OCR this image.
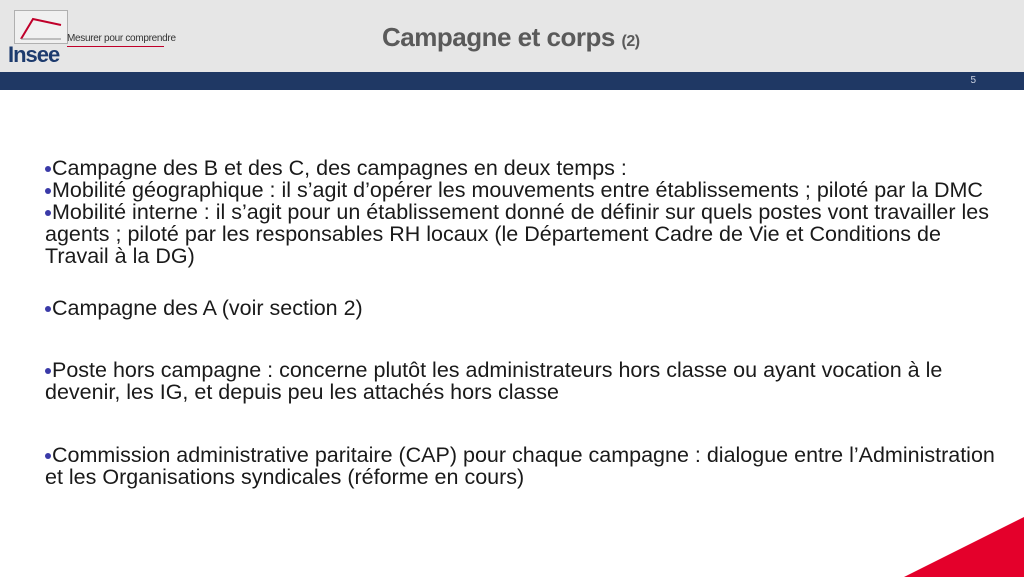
Insee
Mesurer pour comprendre	Campagne et corps (2)
5

Campagne des B et des C, des campagnes en deux temps :

Mobilité géographique : il s’agit d’opérer les mouvements entre établissements ; piloté par la DMC

Mobilité interne : il s’agit pour un établissement donné de définir sur quels postes vont travailler les agents ; piloté par les responsables RH locaux (le Département Cadre de Vie et Conditions de Travail à la DG)

Campagne des A (voir section 2)

Poste hors campagne : concerne plutôt les administrateurs hors classe ou ayant vocation à le devenir, les IG, et depuis peu les attachés hors classe

Commission administrative paritaire (CAP) pour chaque campagne : dialogue entre l’Administration et les Organisations syndicales (réforme en cours)
